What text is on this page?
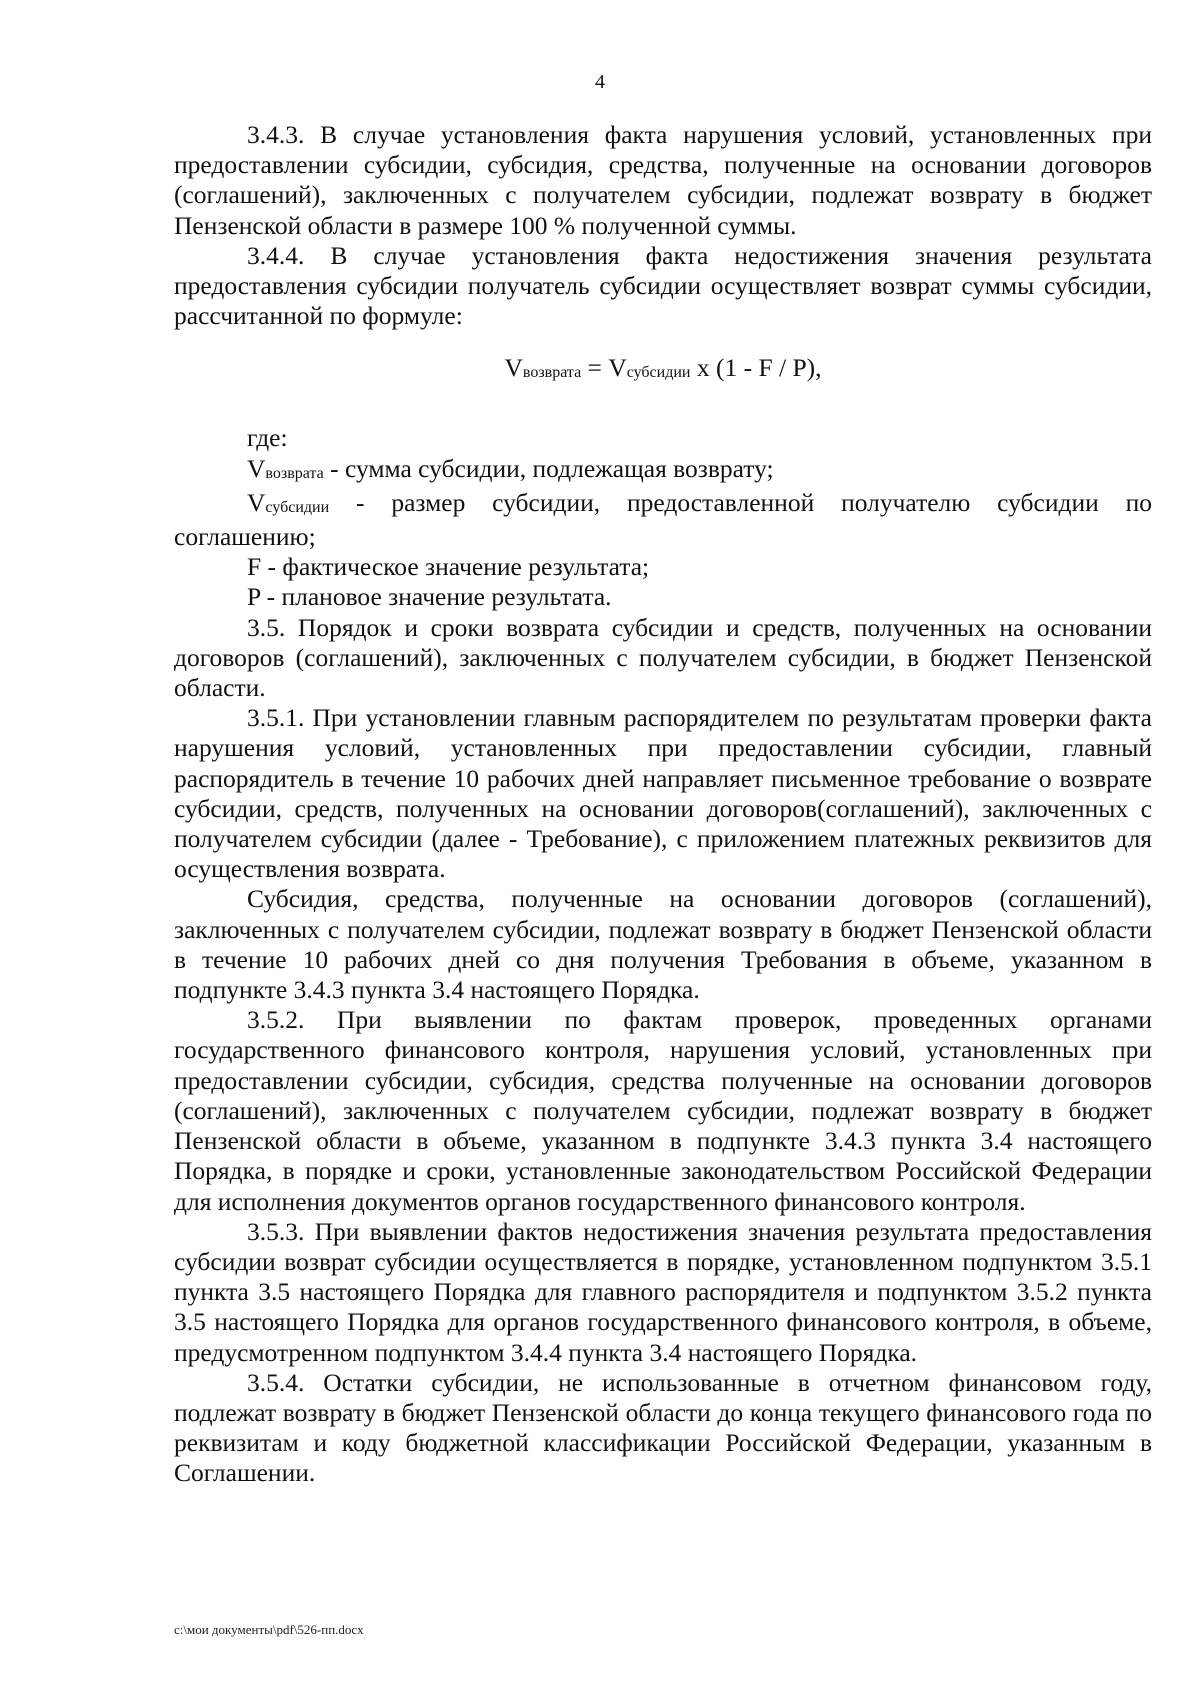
4

3.4.3. В случае установления факта нарушения условий, установленных при предоставлении субсидии, субсидия, средства, полученные на основании договоров (соглашений), заключенных с получателем субсидии, подлежат возврату в бюджет Пензенской области в размере 100 % полученной суммы.

3.4.4. В случае установления факта недостижения значения результата предоставления субсидии получатель субсидии осуществляет возврат суммы субсидии, рассчитанной по формуле:

$V_{возврата} = V_{субсидии}$ x (1 - F / P),

где:

$V_{возврата}$ - сумма субсидии, подлежащая возврату;

$V_{субсидии}$ - размер субсидии, предоставленной получателю субсидии по соглашению;

F - фактическое значение результата;

P - плановое значение результата.

3.5. Порядок и сроки возврата субсидии и средств, полученных на основании договоров (соглашений), заключенных с получателем субсидии, в бюджет Пензенской области.

3.5.1. При установлении главным распорядителем по результатам проверки факта нарушения условий, установленных при предоставлении субсидии, главный распорядитель в течение 10 рабочих дней направляет письменное требование о возврате субсидии, средств, полученных на основании договоров(соглашений), заключенных с получателем субсидии (далее - Требование), с приложением платежных реквизитов для осуществления возврата.

Субсидия, средства, полученные на основании договоров (соглашений), заключенных с получателем субсидии, подлежат возврату в бюджет Пензенской области в течение 10 рабочих дней со дня получения Требования в объеме, указанном в подпункте 3.4.3 пункта 3.4 настоящего Порядка.

3.5.2. При выявлении по фактам проверок, проведенных органами государственного финансового контроля, нарушения условий, установленных при предоставлении субсидии, субсидия, средства полученные на основании договоров (соглашений), заключенных с получателем субсидии, подлежат возврату в бюджет Пензенской области в объеме, указанном в подпункте 3.4.3 пункта 3.4 настоящего Порядка, в порядке и сроки, установленные законодательством Российской Федерации для исполнения документов органов государственного финансового контроля.

3.5.3. При выявлении фактов недостижения значения результата предоставления субсидии возврат субсидии осуществляется в порядке, установленном подпунктом 3.5.1 пункта 3.5 настоящего Порядка для главного распорядителя и подпунктом 3.5.2 пункта 3.5 настоящего Порядка для органов государственного финансового контроля, в объеме, предусмотренном подпунктом 3.4.4 пункта 3.4 настоящего Порядка.

3.5.4. Остатки субсидии, не использованные в отчетном финансовом году, подлежат возврату в бюджет Пензенской области до конца текущего финансового года по реквизитам и коду бюджетной классификации Российской Федерации, указанным в Соглашении.

c:\мои документы\pdf\526-пп.docx
